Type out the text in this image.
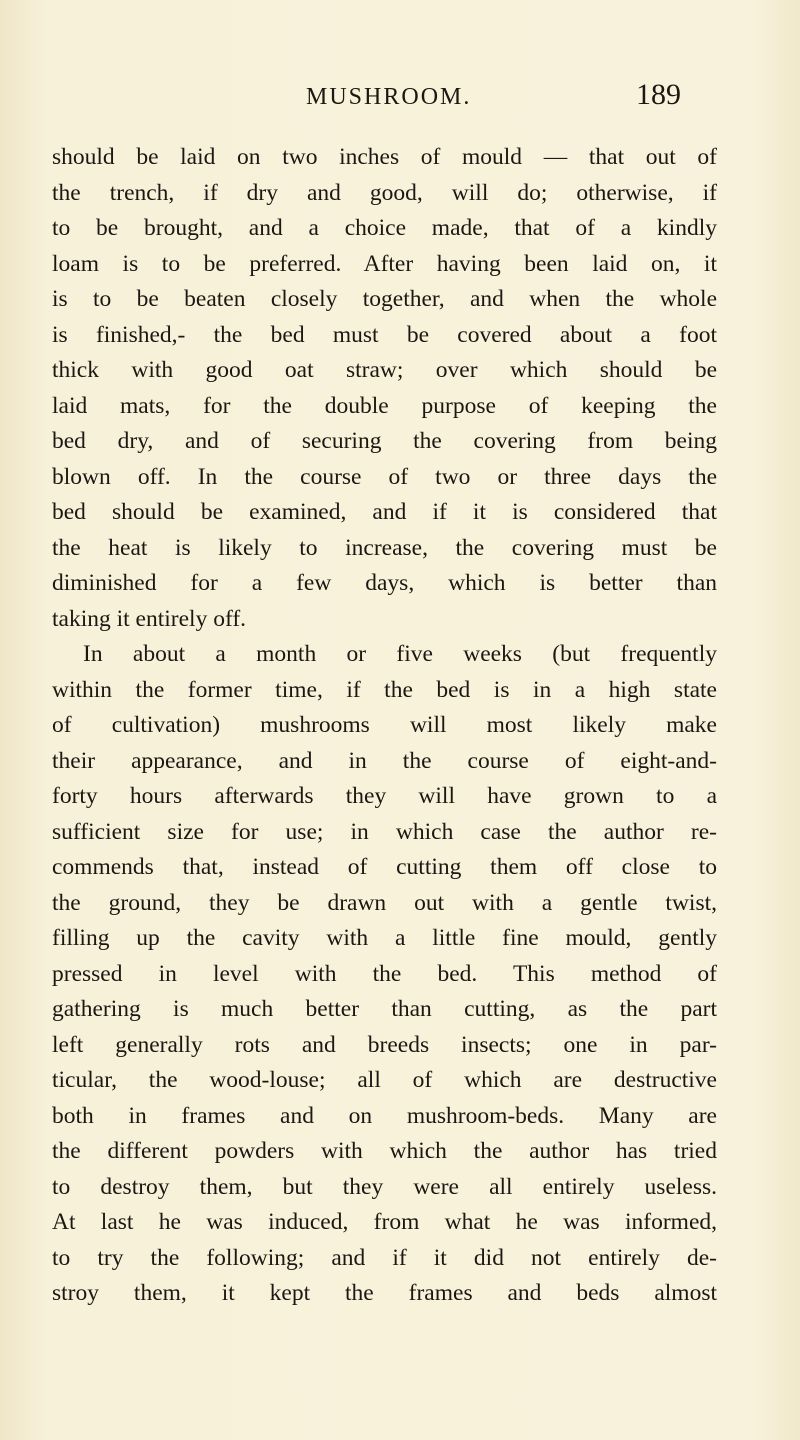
MUSHROOM.	189
should be laid on two inches of mould — that out of
the trench, if dry and good, will do; otherwise, if
to be brought, and a choice made, that of a kindly
loam is to be preferred. After having been laid on, it
is to be beaten closely together, and when the whole
is finished,- the bed must be covered about a foot
thick with good oat straw; over which should be
laid mats, for the double purpose of keeping the
bed dry, and of securing the covering from being
blown off. In the course of two or three days the
bed should be examined, and if it is considered that
the heat is likely to increase, the covering must be
diminished for a few days, which is better than
taking it entirely off.
In about a month or five weeks (but frequently
within the former time, if the bed is in a high state
of cultivation) mushrooms will most likely make
their appearance, and in the course of eight-and-
forty hours afterwards they will have grown to a
sufficient size for use; in which case the author re-
commends that, instead of cutting them off close to
the ground, they be drawn out with a gentle twist,
filling up the cavity with a little fine mould, gently
pressed in level with the bed. This method of
gathering is much better than cutting, as the part
left generally rots and breeds insects; one in par-
ticular, the wood-louse; all of which are destructive
both in frames and on mushroom-beds. Many are
the different powders with which the author has tried
to destroy them, but they were all entirely useless.
At last he was induced, from what he was informed,
to try the following; and if it did not entirely de-
stroy them, it kept the frames and beds almost
